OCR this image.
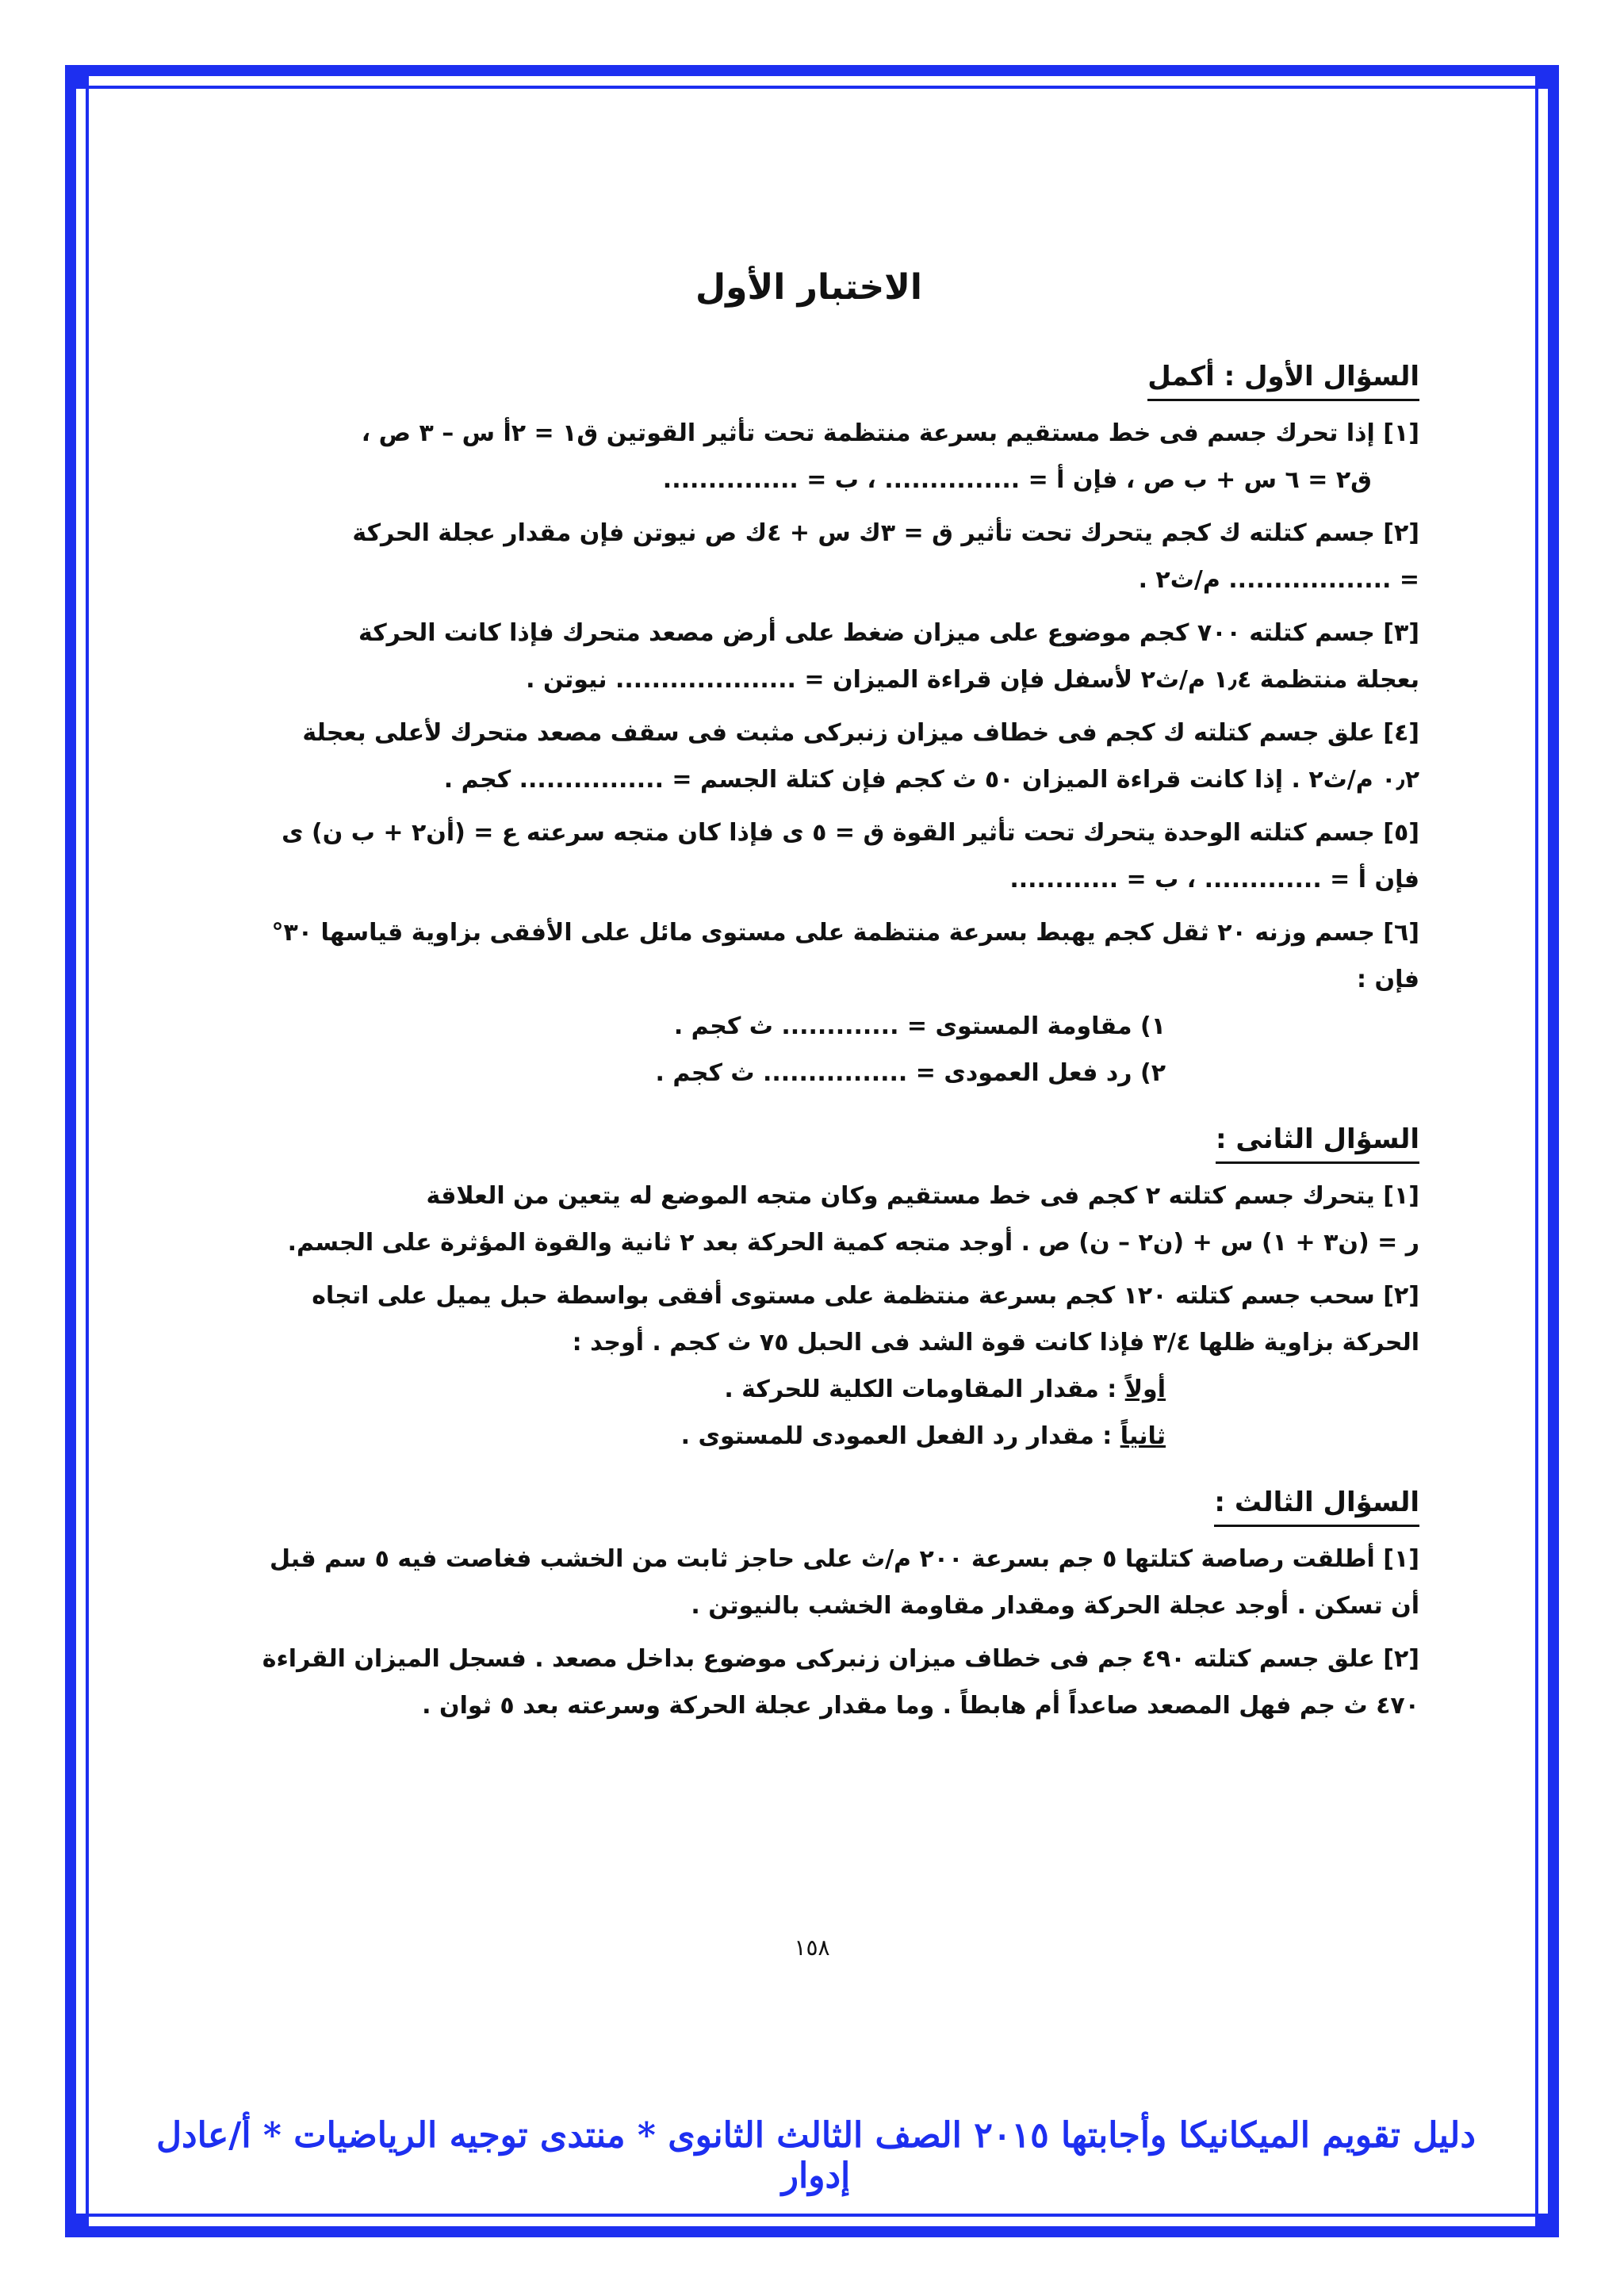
الاختبار الأول
السؤال الأول : أكمل
[١] إذا تحرك جسم فى خط مستقيم بسرعة منتظمة تحت تأثير القوتين ق١ = ٢أ س – ٣ ص ،
ق٢ = ٦ س + ب ص ، فإن أ = ............... ، ب = ...............
[٢] جسم كتلته ك كجم يتحرك تحت تأثير ق = ٣ك س + ٤ك ص نيوتن فإن مقدار عجلة الحركة
= .................. م/ث٢ .
[٣] جسم كتلته ٧٠٠ كجم موضوع على ميزان ضغط على أرض مصعد متحرك فإذا كانت الحركة
بعجلة منتظمة ١٫٤ م/ث٢ لأسفل فإن قراءة الميزان = .................... نيوتن .
[٤] علق جسم كتلته ك كجم فى خطاف ميزان زنبركى مثبت فى سقف مصعد متحرك لأعلى بعجلة
٠٫٢ م/ث٢ . إذا كانت قراءة الميزان ٥٠ ث كجم فإن كتلة الجسم = ................ كجم .
[٥] جسم كتلته الوحدة يتحرك تحت تأثير القوة ق = ٥ ى فإذا كان متجه سرعته ع = (أن٢ + ب ن) ى
فإن أ = ............. ، ب = ............
[٦] جسم وزنه ٢٠ ثقل كجم يهبط بسرعة منتظمة على مستوى مائل على الأفقى بزاوية قياسها ٣٠°
فإن :
١) مقاومة المستوى = ............. ث كجم .
٢) رد فعل العمودى = ................ ث كجم .
السؤال الثانى :
[١] يتحرك جسم كتلته ٢ كجم فى خط مستقيم وكان متجه الموضع له يتعين من العلاقة
ر = (ن٣ + ١) س + (ن٢ – ن) ص . أوجد متجه كمية الحركة بعد ٢ ثانية والقوة المؤثرة على الجسم.
[٢] سحب جسم كتلته ١٢٠ كجم بسرعة منتظمة على مستوى أفقى بواسطة حبل يميل على اتجاه
الحركة بزاوية ظلها ٣/٤ فإذا كانت قوة الشد فى الحبل ٧٥ ث كجم . أوجد :
أولاً : مقدار المقاومات الكلية للحركة .
ثانياً : مقدار رد الفعل العمودى للمستوى .
السؤال الثالث :
[١] أطلقت رصاصة كتلتها ٥ جم بسرعة ٢٠٠ م/ث على حاجز ثابت من الخشب فغاصت فيه ٥ سم قبل
أن تسكن . أوجد عجلة الحركة ومقدار مقاومة الخشب بالنيوتن .
[٢] علق جسم كتلته ٤٩٠ جم فى خطاف ميزان زنبركى موضوع بداخل مصعد . فسجل الميزان القراءة
٤٧٠ ث جم فهل المصعد صاعداً أم هابطاً . وما مقدار عجلة الحركة وسرعته بعد ٥ ثوان .
١٥٨
دليل تقويم الميكانيكا وأجابتها ٢٠١٥ الصف الثالث الثانوى * منتدى توجيه الرياضيات * أ/عادل إدوار
